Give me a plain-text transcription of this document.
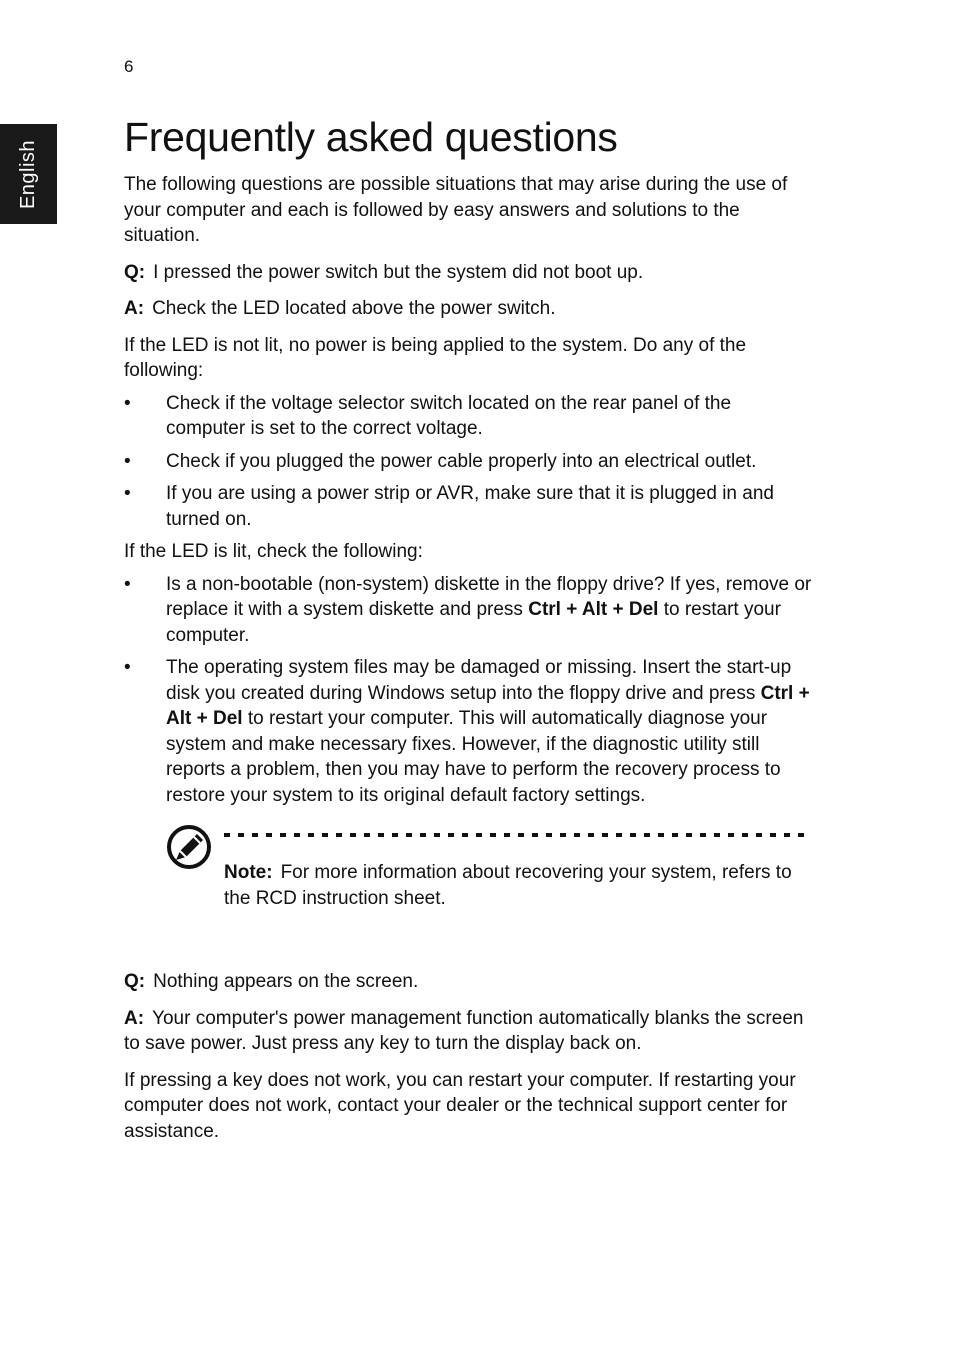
6
English
Frequently asked questions

The following questions are possible situations that may arise during the use of your computer and each is followed by easy answers and solutions to the situation.

Q: I pressed the power switch but the system did not boot up.

A: Check the LED located above the power switch.

If the LED is not lit, no power is being applied to the system. Do any of the following:

• Check if the voltage selector switch located on the rear panel of the computer is set to the correct voltage.
• Check if you plugged the power cable properly into an electrical outlet.
• If you are using a power strip or AVR, make sure that it is plugged in and turned on.

If the LED is lit, check the following:

• Is a non-bootable (non-system) diskette in the floppy drive? If yes, remove or replace it with a system diskette and press Ctrl + Alt + Del to restart your computer.
• The operating system files may be damaged or missing. Insert the start-up disk you created during Windows setup into the floppy drive and press Ctrl + Alt + Del to restart your computer. This will automatically diagnose your system and make necessary fixes. However, if the diagnostic utility still reports a problem, then you may have to perform the recovery process to restore your system to its original default factory settings.

Note: For more information about recovering your system, refers to the RCD instruction sheet.

Q: Nothing appears on the screen.

A: Your computer's power management function automatically blanks the screen to save power. Just press any key to turn the display back on.

If pressing a key does not work, you can restart your computer. If restarting your computer does not work, contact your dealer or the technical support center for assistance.
